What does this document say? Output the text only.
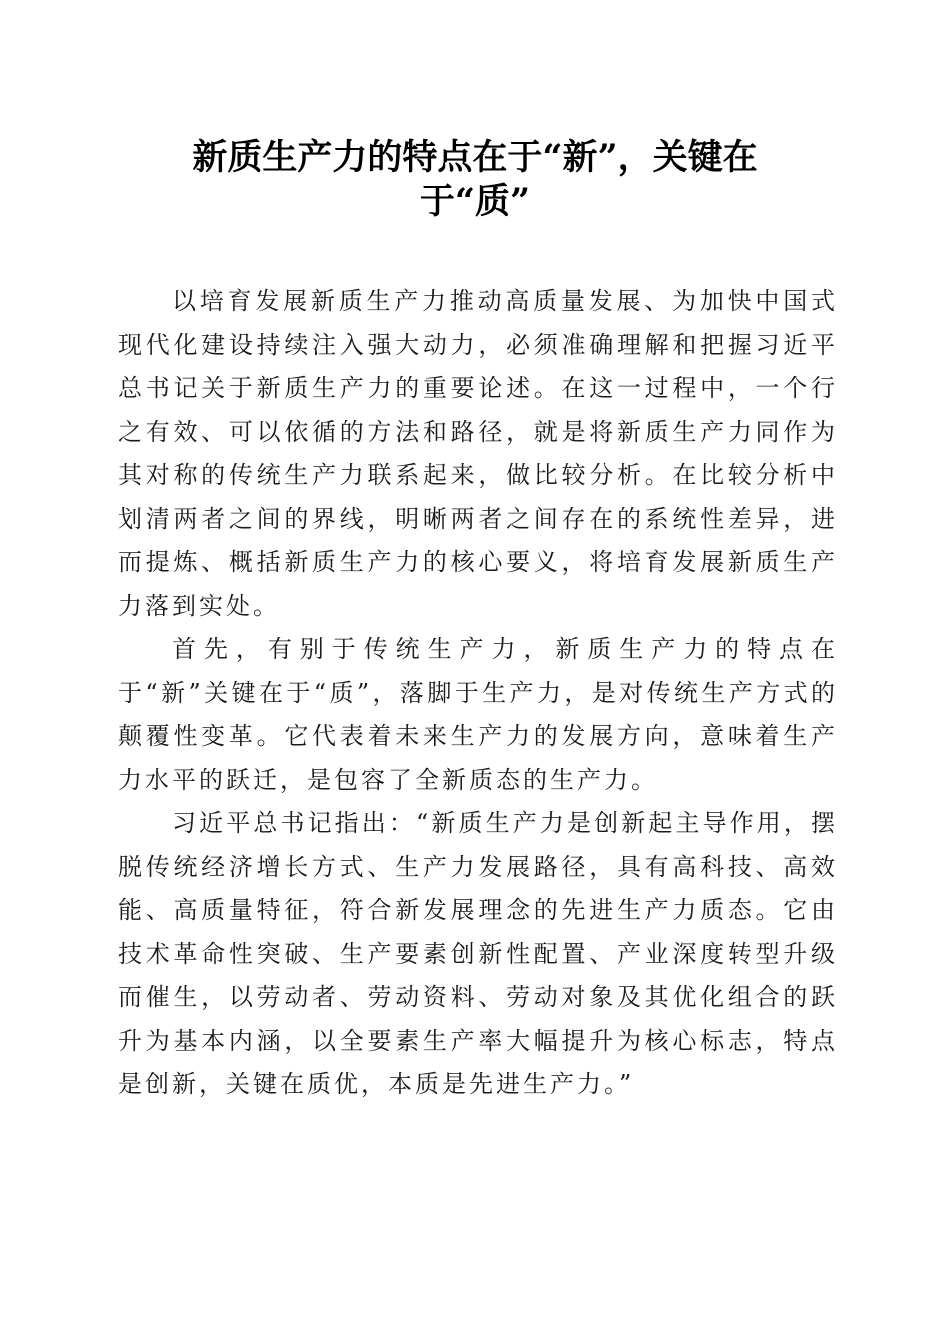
新质生产力的特点在于“新”，关键在
于“质”

以培育发展新质生产力推动高质量发展、为加快中国式现代化建设持续注入强大动力，必须准确理解和把握习近平总书记关于新质生产力的重要论述。在这一过程中，一个行之有效、可以依循的方法和路径，就是将新质生产力同作为其对称的传统生产力联系起来，做比较分析。在比较分析中划清两者之间的界线，明晰两者之间存在的系统性差异，进而提炼、概括新质生产力的核心要义，将培育发展新质生产力落到实处。

首先，有别于传统生产力，新质生产力的特点在于“新”关键在于“质”，落脚于生产力，是对传统生产方式的颠覆性变革。它代表着未来生产力的发展方向，意味着生产力水平的跃迁，是包容了全新质态的生产力。

习近平总书记指出：“新质生产力是创新起主导作用，摆脱传统经济增长方式、生产力发展路径，具有高科技、高效能、高质量特征，符合新发展理念的先进生产力质态。它由技术革命性突破、生产要素创新性配置、产业深度转型升级而催生，以劳动者、劳动资料、劳动对象及其优化组合的跃升为基本内涵，以全要素生产率大幅提升为核心标志，特点是创新，关键在质优，本质是先进生产力。”
